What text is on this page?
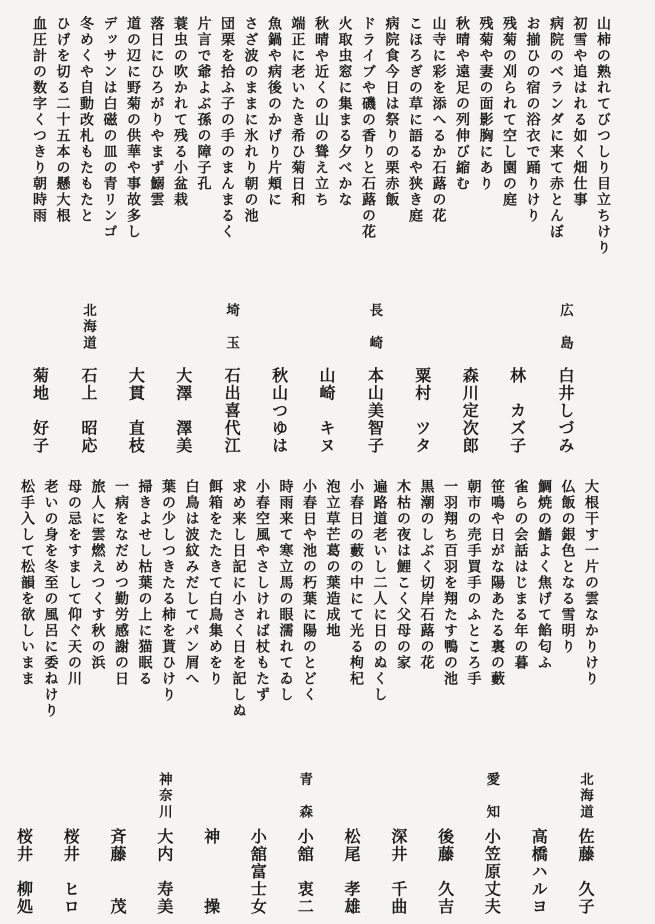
山柿の熟れてびつしり目立ちけり
初雪や追はれる如く畑仕事
病院のベランダに来て赤とんぼ
お揃ひの宿の浴衣で踊りけり
残菊の刈られて空し園の庭
残菊や妻の面影胸にあり
秋晴や遠足の列伸び縮む
山寺に彩を添へるか石蕗の花
こほろぎの草に語るや狭き庭
病院食今日は祭りの栗赤飯
ドライブや磯の香りと石蕗の花
火取虫窓に集まる夕べかな
秋晴や近くの山の聳え立ち
端正に老いたき希ひ菊日和
魚鍋や病後のかげり片頬に
さざ波のままに氷れり朝の池
団栗を拾ふ子の手のまんまるく
片言で爺よぶ孫の障子孔
蓑虫の吹かれて残る小盆栽
落日にひろがりやまず鰯雲
道の辺に野菊の供華や事故多し
デッサンは白磁の皿の青リンゴ
冬めくや自動改札もたもたと
ひげを切る二十五本の懸大根
血圧計の数字くつきり朝時雨
広島白井しづみ
林　カズ子
森川定次郎
粟村　ツタ
長崎本山美智子
山崎　キヌ
秋山つゆは
埼玉石出喜代江
大澤　澤美
大貫　直枝
北海道石上　昭応
菊地　好子
大根干す一片の雲なかりけり
仏飯の銀色となる雪明り
鯛焼の鰭よく焦げて餡匂ふ
雀らの会話はじまる年の暮
笹鳴や日がな陽あたる裏の藪
朝市の売手買手のふところ手
一羽翔ち百羽を翔たす鴨の池
黒潮のしぶく切岸石蕗の花
木枯の夜は鯉こく父母の家
遍路道老いし二人に日のぬくし
小春日の藪の中にて光る枸杞
泡立草芒葛の葉造成地
小春日や池の朽葉に陽のとどく
時雨来て寒立馬の眼濡れてゐし
小春空風やさしければ杖もたず
求め来し日記に小さく日を記しぬ
餌箱をたたきて白鳥集めをり
白鳥は波紋みだしてパン屑へ
葉の少しつきたる柿を貰ひけり
掃きよせし枯葉の上に猫眠る
一病をなだめつ勤労感謝の日
旅人に雲燃えつくす秋の浜
母の忌をすまして仰ぐ天の川
老いの身を冬至の風呂に委ねけり
松手入して松韻を欲しいまま
北海道佐藤　久子
高橋ハルヨ
愛知小笠原丈夫
後藤　久吉
深井　千曲
松尾　孝雄
青森小舘　衷二
小舘富士女
神　　　操
神奈川大内　寿美
斉藤　　茂
桜井　ヒロ
桜井　柳処
